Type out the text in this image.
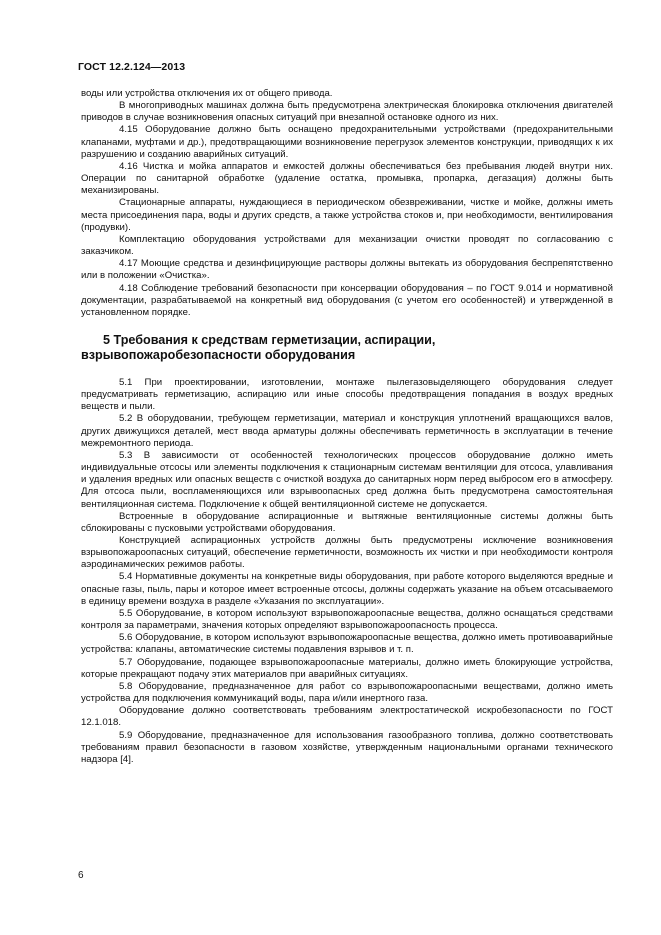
ГОСТ 12.2.124—2013

воды или устройства отключения их от общего привода.

В многоприводных машинах должна быть предусмотрена электрическая блокировка отключения двигателей приводов в случае возникновения опасных ситуаций при внезапной остановке одного из них.

4.15 Оборудование должно быть оснащено предохранительными устройствами (предохранительными клапанами, муфтами и др.), предотвращающими возникновение перегрузок элементов конструкции, приводящих к их разрушению и созданию аварийных ситуаций.

4.16 Чистка и мойка аппаратов и емкостей должны обеспечиваться без пребывания людей внутри них. Операции по санитарной обработке (удаление остатка, промывка, пропарка, дегазация) должны быть механизированы.

Стационарные аппараты, нуждающиеся в периодическом обезвреживании, чистке и мойке, должны иметь места присоединения пара, воды и других средств, а также устройства стоков и, при необходимости, вентилирования (продувки).

Комплектацию оборудования устройствами для механизации очистки проводят по согласованию с заказчиком.

4.17 Моющие средства и дезинфицирующие растворы должны вытекать из оборудования беспрепятственно или в положении «Очистка».

4.18 Соблюдение требований безопасности при консервации оборудования – по ГОСТ 9.014 и нормативной документации, разрабатываемой на конкретный вид оборудования (с учетом его особенностей) и утвержденной в установленном порядке.

5 Требования к средствам герметизации, аспирации, взрывопожаробезопасности оборудования

5.1 При проектировании, изготовлении, монтаже пылегазовыделяющего оборудования следует предусматривать герметизацию, аспирацию или иные способы предотвращения попадания в воздух вредных веществ и пыли.

5.2 В оборудовании, требующем герметизации, материал и конструкция уплотнений вращающихся валов, других движущихся деталей, мест ввода арматуры должны обеспечивать герметичность в эксплуатации в течение межремонтного периода.

5.3 В зависимости от особенностей технологических процессов оборудование должно иметь индивидуальные отсосы или элементы подключения к стационарным системам вентиляции для отсоса, улавливания и удаления вредных или опасных веществ с очисткой воздуха до санитарных норм перед выбросом его в атмосферу. Для отсоса пыли, воспламеняющихся или взрывоопасных сред должна быть предусмотрена самостоятельная вентиляционная система. Подключение к общей вентиляционной системе не допускается.

Встроенные в оборудование аспирационные и вытяжные вентиляционные системы должны быть сблокированы с пусковыми устройствами оборудования.

Конструкцией аспирационных устройств должны быть предусмотрены исключение возникновения взрывопожароопасных ситуаций, обеспечение герметичности, возможность их чистки и при необходимости контроля аэродинамических режимов работы.

5.4 Нормативные документы на конкретные виды оборудования, при работе которого выделяются вредные и опасные газы, пыль, пары и которое имеет встроенные отсосы, должны содержать указание на объем отсасываемого в единицу времени воздуха в разделе «Указания по эксплуатации».

5.5 Оборудование, в котором используют взрывопожароопасные вещества, должно оснащаться средствами контроля за параметрами, значения которых определяют взрывопожароопасность процесса.

5.6 Оборудование, в котором используют взрывопожароопасные вещества, должно иметь противоаварийные устройства: клапаны, автоматические системы подавления взрывов и т. п.

5.7 Оборудование, подающее взрывопожароопасные материалы, должно иметь блокирующие устройства, которые прекращают подачу этих материалов при аварийных ситуациях.

5.8 Оборудование, предназначенное для работ со взрывопожароопасными веществами, должно иметь устройства для подключения коммуникаций воды, пара и/или инертного газа.

Оборудование должно соответствовать требованиям электростатической искробезопасности по ГОСТ 12.1.018.

5.9 Оборудование, предназначенное для использования газообразного топлива, должно соответствовать требованиям правил безопасности в газовом хозяйстве, утвержденным национальными органами технического надзора [4].

6
